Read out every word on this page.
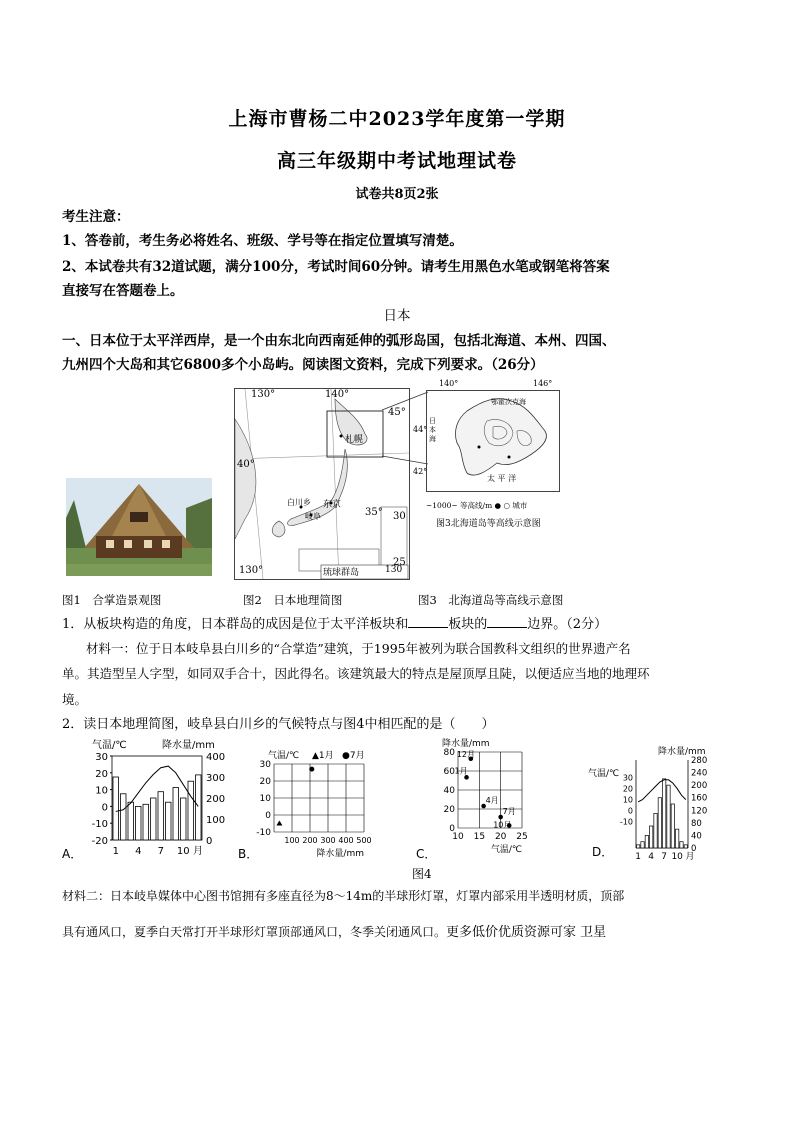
上海市曹杨二中2023学年度第一学期
高三年级期中考试地理试卷
试卷共8页2张
考生注意：
1、答卷前，考生务必将姓名、班级、学号等在指定位置填写清楚。
2、本试卷共有32道试题，满分100分，考试时间60分钟。请考生用黑色水笔或钢笔将答案
直接写在答题卷上。
日本
一、日本位于太平洋西岸，是一个由东北向西南延伸的弧形岛国，包括北海道、本州、四国、
九州四个大岛和其它6800多个小岛屿。阅读图文资料，完成下列要求。（26分）
130°	140°
45°
40°
35° 30
25
130°
札幌
东京
白川乡
岐阜
琉球群岛	130
140°	146°
44°
42°
日本海
鄂霍次克海
太 平 洋
~1000~ 等高线/m ● ○ 城市
图3北海道岛等高线示意图
图1　合掌造景观图	图2　日本地理简图	图3　北海道岛等高线示意图
1．从板块构造的角度，日本群岛的成因是位于太平洋板块和	板块的	边界。（2分）
材料一：位于日本岐阜县白川乡的“合掌造”建筑，于1995年被列为联合国教科文组织的世界遗产名
单。其造型呈人字型，如同双手合十，因此得名。该建筑最大的特点是屋顶厚且陡，以便适应当地的地理环
境。
2．读日本地理简图，岐阜县白川乡的气候特点与图4中相匹配的是（　　）
气温/℃	降水量/mm
30
20
10
0
-10
-20
400
300
200
100
0
1 4 7 10 月
A．
气温/℃ ▲1月 ●7月
30
20
10
0
-10
100 200 300 400 500
降水量/mm
B．
降水量/mm
80
60
40
20
0
10 15 20 25
气温/℃
12月
1月
4月
7月
10月
C．
降水量/mm
气温/℃
280
240
200
160
120
80
40
0
30
20
10
0
-10
1 4 7 10 月
D．
图4
材料二：日本岐阜媒体中心图书馆拥有多座直径为8～14m的半球形灯罩，灯罩内部采用半透明材质，顶部
具有通风口，夏季白天常打开半球形灯罩顶部通风口，冬季关闭通风口。更多低价优质资源可家 卫星
